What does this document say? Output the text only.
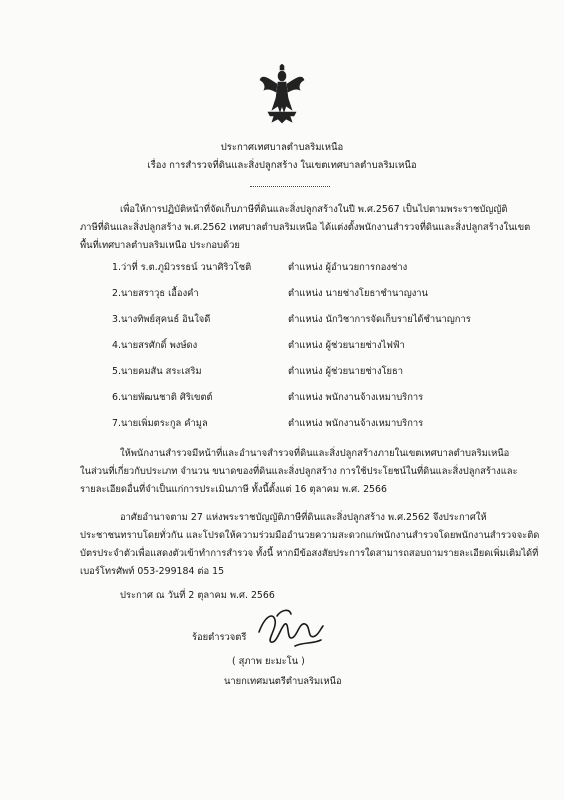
ประกาศเทศบาลตำบลริมเหนือ
เรื่อง การสำรวจที่ดินและสิ่งปลูกสร้าง ในเขตเทศบาลตำบลริมเหนือ
เพื่อให้การปฏิบัติหน้าที่จัดเก็บภาษีที่ดินและสิ่งปลูกสร้างในปี พ.ศ.2567 เป็นไปตามพระราชบัญญัติ
ภาษีที่ดินและสิ่งปลูกสร้าง พ.ศ.2562 เทศบาลตำบลริมเหนือ ได้แต่งตั้งพนักงานสำรวจที่ดินและสิ่งปลูกสร้างในเขต
พื้นที่เทศบาลตำบลริมเหนือ ประกอบด้วย
1.ว่าที่ ร.ต.ภูมิวรรธน์ วนาศิริวโชติ	ตำแหน่ง ผู้อำนวยการกองช่าง
2.นายสราวุธ เอื้องคำ	ตำแหน่ง นายช่างโยธาชำนาญงาน
3.นางทิพย์สุคนธ์ อินใจดี	ตำแหน่ง นักวิชาการจัดเก็บรายได้ชำนาญการ
4.นายสรศักดิ์ พงษ์ดง	ตำแหน่ง ผู้ช่วยนายช่างไฟฟ้า
5.นายคมสัน สระเสริม	ตำแหน่ง ผู้ช่วยนายช่างโยธา
6.นายพัฒนชาติ ศิริเขตต์	ตำแหน่ง พนักงานจ้างเหมาบริการ
7.นายเพิ่มตระกูล คำมูล	ตำแหน่ง พนักงานจ้างเหมาบริการ
ให้พนักงานสำรวจมีหน้าที่และอำนาจสำรวจที่ดินและสิ่งปลูกสร้างภายในเขตเทศบาลตำบลริมเหนือ
ในส่วนที่เกี่ยวกับประเภท จำนวน ขนาดของที่ดินและสิ่งปลูกสร้าง การใช้ประโยชน์ในที่ดินและสิ่งปลูกสร้างและ
รายละเอียดอื่นที่จำเป็นแก่การประเมินภาษี ทั้งนี้ตั้งแต่ 16 ตุลาคม พ.ศ. 2566
อาศัยอำนาจตาม 27 แห่งพระราชบัญญัติภาษีที่ดินและสิ่งปลูกสร้าง พ.ศ.2562 จึงประกาศให้
ประชาชนทราบโดยทั่วกัน และโปรดให้ความร่วมมืออำนวยความสะดวกแก่พนักงานสำรวจโดยพนักงานสำรวจจะติด
บัตรประจำตัวเพื่อแสดงตัวเข้าทำการสำรวจ ทั้งนี้ หากมีข้อสงสัยประการใดสามารถสอบถามรายละเอียดเพิ่มเติมได้ที่
เบอร์โทรศัพท์ 053-299184 ต่อ 15
ประกาศ ณ วันที่ 2 ตุลาคม พ.ศ. 2566
ร้อยตำรวจตรี
( สุภาพ ยะมะโน )
นายกเทศมนตรีตำบลริมเหนือ
